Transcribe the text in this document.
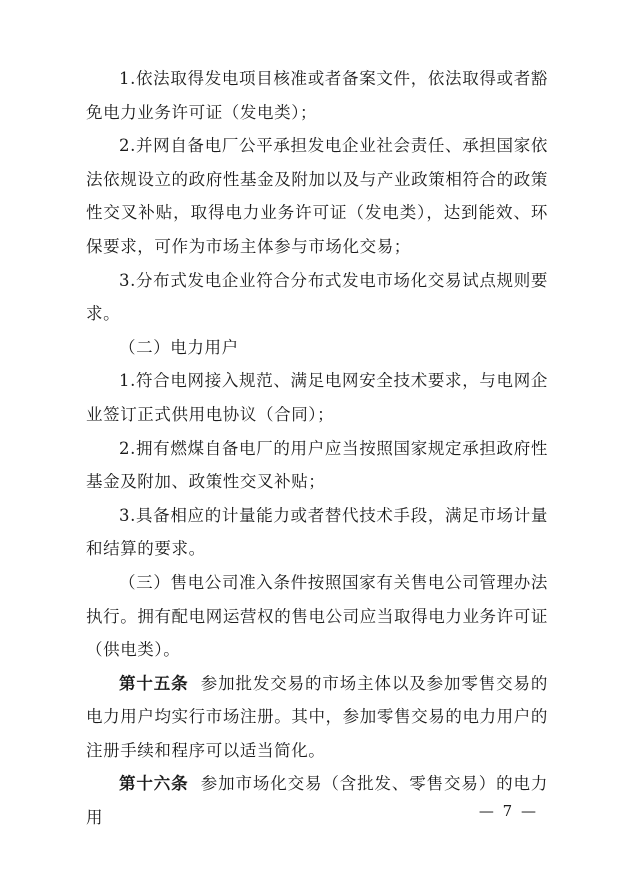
1.依法取得发电项目核准或者备案文件，依法取得或者豁免电力业务许可证（发电类）；

2.并网自备电厂公平承担发电企业社会责任、承担国家依法依规设立的政府性基金及附加以及与产业政策相符合的政策性交叉补贴，取得电力业务许可证（发电类），达到能效、环保要求，可作为市场主体参与市场化交易；

3.分布式发电企业符合分布式发电市场化交易试点规则要求。

（二）电力用户

1.符合电网接入规范、满足电网安全技术要求，与电网企业签订正式供用电协议（合同）；

2.拥有燃煤自备电厂的用户应当按照国家规定承担政府性基金及附加、政策性交叉补贴；

3.具备相应的计量能力或者替代技术手段，满足市场计量和结算的要求。

（三）售电公司准入条件按照国家有关售电公司管理办法执行。拥有配电网运营权的售电公司应当取得电力业务许可证（供电类）。

第十五条 参加批发交易的市场主体以及参加零售交易的电力用户均实行市场注册。其中，参加零售交易的电力用户的注册手续和程序可以适当简化。

第十六条 参加市场化交易（含批发、零售交易）的电力用	— 7 —
